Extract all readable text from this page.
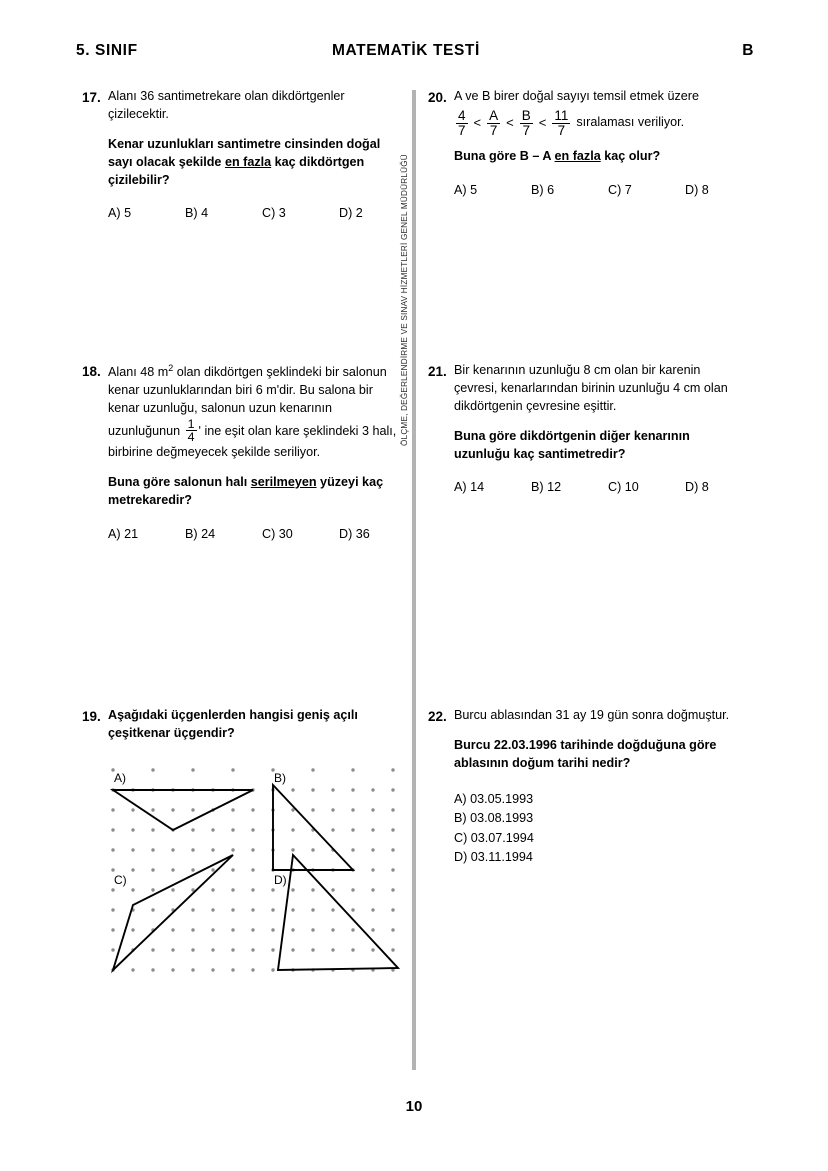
5. SINIF	MATEMATİK TESTİ	B
ÖLÇME, DEĞERLENDİRME VE SINAV HİZMETLERİ GENEL MÜDÜRLÜĞÜ
17. Alanı 36 santimetrekare olan dikdörtgenler çizilecektir.

Kenar uzunlukları santimetre cinsinden doğal sayı olacak şekilde en fazla kaç dikdörtgen çizilebilir?

A) 5	B) 4	C) 3	D) 2
18. Alanı 48 $m^2$ olan dikdörtgen şeklindeki bir salonun kenar uzunluklarından biri 6 m'dir. Bu salona bir kenar uzunluğu, salonun uzun kenarının uzunluğunun $\frac{1}{4}$ ' ine eşit olan kare şeklindeki 3 halı, birbirine değmeyecek şekilde seriliyor.

Buna göre salonun halı serilmeyen yüzeyi kaç metrekaredir?

A) 21	B) 24	C) 30	D) 36
19. Aşağıdaki üçgenlerden hangisi geniş açılı çeşitkenar üçgendir?

A)	B)
C)	D)
20. A ve B birer doğal sayıyı temsil etmek üzere

$\frac{4}{7} < \frac{A}{7} < \frac{B}{7} < \frac{11}{7}$ sıralaması veriliyor.

Buna göre B – A en fazla kaç olur?

A) 5	B) 6	C) 7	D) 8
21. Bir kenarının uzunluğu 8 cm olan bir karenin çevresi, kenarlarından birinin uzunluğu 4 cm olan dikdörtgenin çevresine eşittir.

Buna göre dikdörtgenin diğer kenarının uzunluğu kaç santimetredir?

A) 14	B) 12	C) 10	D) 8
22. Burcu ablasından 31 ay 19 gün sonra doğmuştur.

Burcu 22.03.1996 tarihinde doğduğuna göre ablasının doğum tarihi nedir?

A) 03.05.1993
B) 03.08.1993
C) 03.07.1994
D) 03.11.1994
10
